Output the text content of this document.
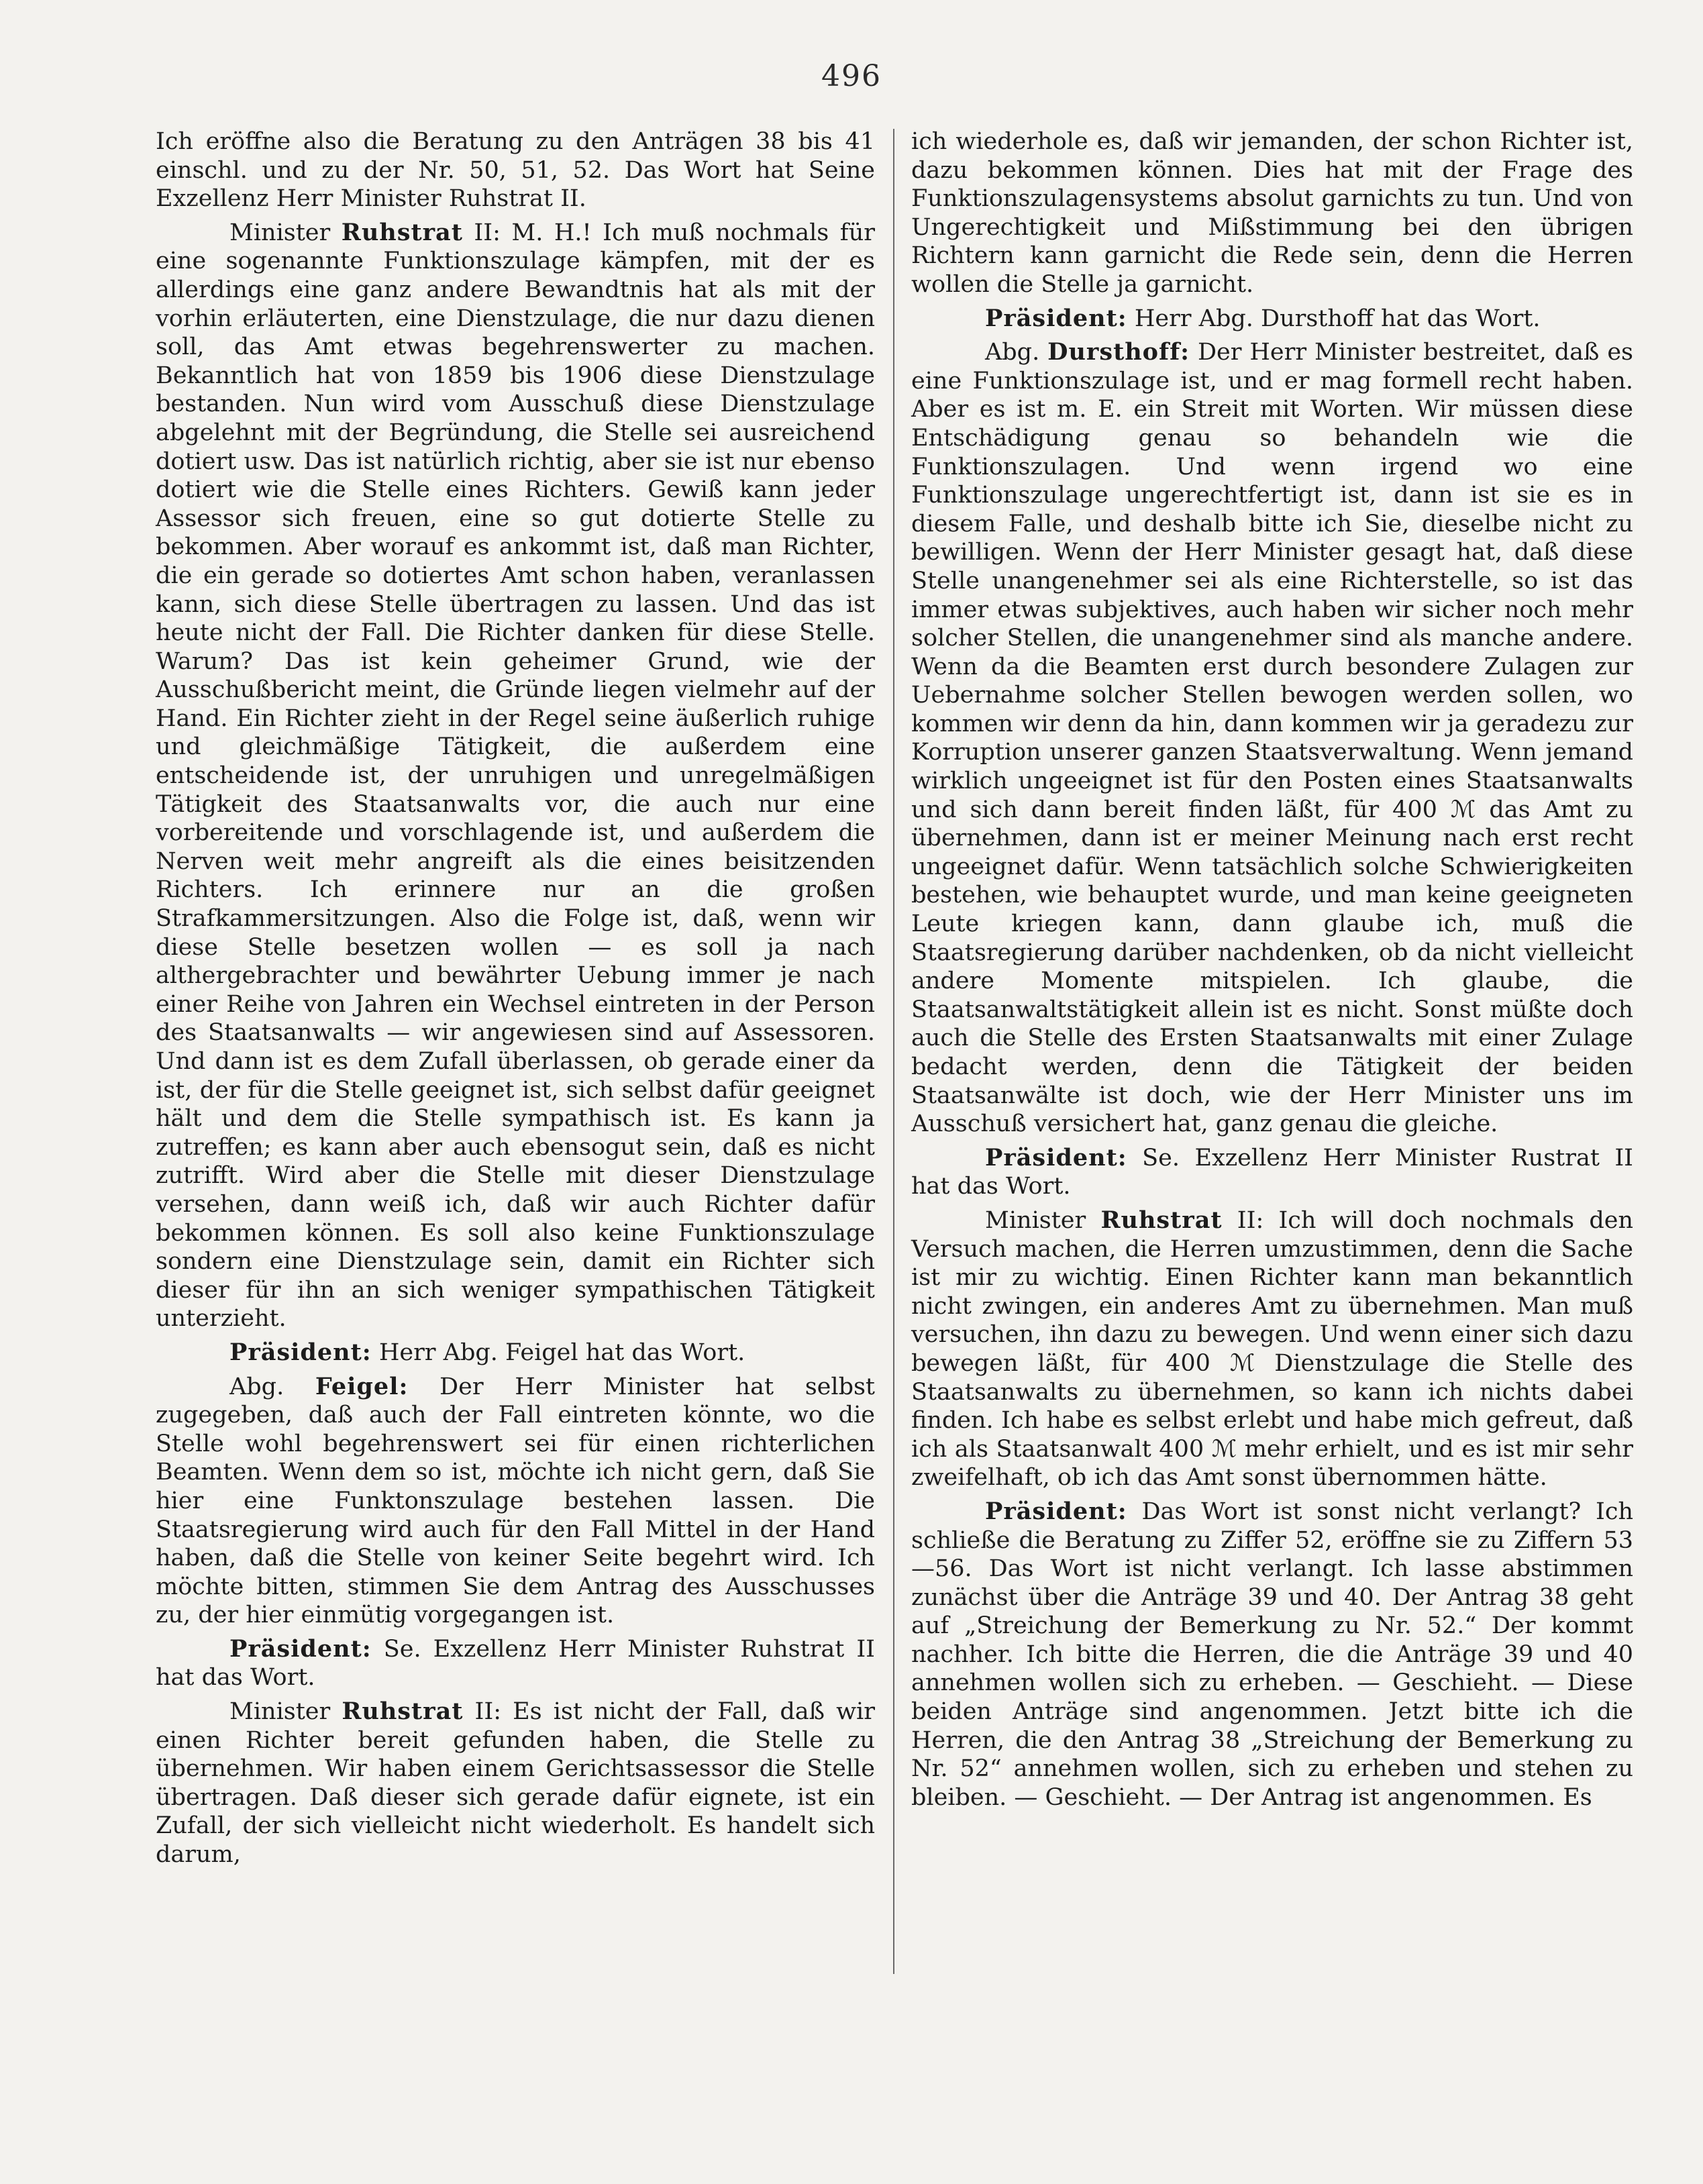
496

Ich eröffne also die Beratung zu den Anträgen 38 bis 41 einschl. und zu der Nr. 50, 51, 52. Das Wort hat Seine Exzellenz Herr Minister Ruhstrat II.

Minister Ruhstrat II: M. H.! Ich muß nochmals für eine sogenannte Funktionszulage kämpfen, mit der es allerdings eine ganz andere Bewandtnis hat als mit der vorhin erläuterten, eine Dienstzulage, die nur dazu dienen soll, das Amt etwas begehrenswerter zu machen. Bekanntlich hat von 1859 bis 1906 diese Dienstzulage bestanden. Nun wird vom Ausschuß diese Dienstzulage abgelehnt mit der Begründung, die Stelle sei ausreichend dotiert usw. Das ist natürlich richtig, aber sie ist nur ebenso dotiert wie die Stelle eines Richters. Gewiß kann jeder Assessor sich freuen, eine so gut dotierte Stelle zu bekommen. Aber worauf es ankommt ist, daß man Richter, die ein gerade so dotiertes Amt schon haben, veranlassen kann, sich diese Stelle übertragen zu lassen. Und das ist heute nicht der Fall. Die Richter danken für diese Stelle. Warum? Das ist kein geheimer Grund, wie der Ausschußbericht meint, die Gründe liegen vielmehr auf der Hand. Ein Richter zieht in der Regel seine äußerlich ruhige und gleichmäßige Tätigkeit, die außerdem eine entscheidende ist, der unruhigen und unregelmäßigen Tätigkeit des Staatsanwalts vor, die auch nur eine vorbereitende und vorschlagende ist, und außerdem die Nerven weit mehr angreift als die eines beisitzenden Richters. Ich erinnere nur an die großen Strafkammersitzungen. Also die Folge ist, daß, wenn wir diese Stelle besetzen wollen — es soll ja nach althergebrachter und bewährter Uebung immer je nach einer Reihe von Jahren ein Wechsel eintreten in der Person des Staatsanwalts — wir angewiesen sind auf Assessoren. Und dann ist es dem Zufall überlassen, ob gerade einer da ist, der für die Stelle geeignet ist, sich selbst dafür geeignet hält und dem die Stelle sympathisch ist. Es kann ja zutreffen; es kann aber auch ebensogut sein, daß es nicht zutrifft. Wird aber die Stelle mit dieser Dienstzulage versehen, dann weiß ich, daß wir auch Richter dafür bekommen können. Es soll also keine Funktionszulage sondern eine Dienstzulage sein, damit ein Richter sich dieser für ihn an sich weniger sympathischen Tätigkeit unterzieht.

Präsident: Herr Abg. Feigel hat das Wort.

Abg. Feigel: Der Herr Minister hat selbst zugegeben, daß auch der Fall eintreten könnte, wo die Stelle wohl begehrenswert sei für einen richterlichen Beamten. Wenn dem so ist, möchte ich nicht gern, daß Sie hier eine Funktonszulage bestehen lassen. Die Staatsregierung wird auch für den Fall Mittel in der Hand haben, daß die Stelle von keiner Seite begehrt wird. Ich möchte bitten, stimmen Sie dem Antrag des Ausschusses zu, der hier einmütig vorgegangen ist.

Präsident: Se. Exzellenz Herr Minister Ruhstrat II hat das Wort.

Minister Ruhstrat II: Es ist nicht der Fall, daß wir einen Richter bereit gefunden haben, die Stelle zu übernehmen. Wir haben einem Gerichtsassessor die Stelle übertragen. Daß dieser sich gerade dafür eignete, ist ein Zufall, der sich vielleicht nicht wiederholt. Es handelt sich darum,

ich wiederhole es, daß wir jemanden, der schon Richter ist, dazu bekommen können. Dies hat mit der Frage des Funktionszulagensystems absolut garnichts zu tun. Und von Ungerechtigkeit und Mißstimmung bei den übrigen Richtern kann garnicht die Rede sein, denn die Herren wollen die Stelle ja garnicht.

Präsident: Herr Abg. Dursthoff hat das Wort.

Abg. Dursthoff: Der Herr Minister bestreitet, daß es eine Funktionszulage ist, und er mag formell recht haben. Aber es ist m. E. ein Streit mit Worten. Wir müssen diese Entschädigung genau so behandeln wie die Funktionszulagen. Und wenn irgend wo eine Funktionszulage ungerechtfertigt ist, dann ist sie es in diesem Falle, und deshalb bitte ich Sie, dieselbe nicht zu bewilligen. Wenn der Herr Minister gesagt hat, daß diese Stelle unangenehmer sei als eine Richterstelle, so ist das immer etwas subjektives, auch haben wir sicher noch mehr solcher Stellen, die unangenehmer sind als manche andere. Wenn da die Beamten erst durch besondere Zulagen zur Uebernahme solcher Stellen bewogen werden sollen, wo kommen wir denn da hin, dann kommen wir ja geradezu zur Korruption unserer ganzen Staatsverwaltung. Wenn jemand wirklich ungeeignet ist für den Posten eines Staatsanwalts und sich dann bereit finden läßt, für 400 ℳ das Amt zu übernehmen, dann ist er meiner Meinung nach erst recht ungeeignet dafür. Wenn tatsächlich solche Schwierigkeiten bestehen, wie behauptet wurde, und man keine geeigneten Leute kriegen kann, dann glaube ich, muß die Staatsregierung darüber nachdenken, ob da nicht vielleicht andere Momente mitspielen. Ich glaube, die Staatsanwaltstätigkeit allein ist es nicht. Sonst müßte doch auch die Stelle des Ersten Staatsanwalts mit einer Zulage bedacht werden, denn die Tätigkeit der beiden Staatsanwälte ist doch, wie der Herr Minister uns im Ausschuß versichert hat, ganz genau die gleiche.

Präsident: Se. Exzellenz Herr Minister Rustrat II hat das Wort.

Minister Ruhstrat II: Ich will doch nochmals den Versuch machen, die Herren umzustimmen, denn die Sache ist mir zu wichtig. Einen Richter kann man bekanntlich nicht zwingen, ein anderes Amt zu übernehmen. Man muß versuchen, ihn dazu zu bewegen. Und wenn einer sich dazu bewegen läßt, für 400 ℳ Dienstzulage die Stelle des Staatsanwalts zu übernehmen, so kann ich nichts dabei finden. Ich habe es selbst erlebt und habe mich gefreut, daß ich als Staatsanwalt 400 ℳ mehr erhielt, und es ist mir sehr zweifelhaft, ob ich das Amt sonst übernommen hätte.

Präsident: Das Wort ist sonst nicht verlangt? Ich schließe die Beratung zu Ziffer 52, eröffne sie zu Ziffern 53—56. Das Wort ist nicht verlangt. Ich lasse abstimmen zunächst über die Anträge 39 und 40. Der Antrag 38 geht auf „Streichung der Bemerkung zu Nr. 52.“ Der kommt nachher. Ich bitte die Herren, die die Anträge 39 und 40 annehmen wollen sich zu erheben. — Geschieht. — Diese beiden Anträge sind angenommen. Jetzt bitte ich die Herren, die den Antrag 38 „Streichung der Bemerkung zu Nr. 52“ annehmen wollen, sich zu erheben und stehen zu bleiben. — Geschieht. — Der Antrag ist angenommen. Es
